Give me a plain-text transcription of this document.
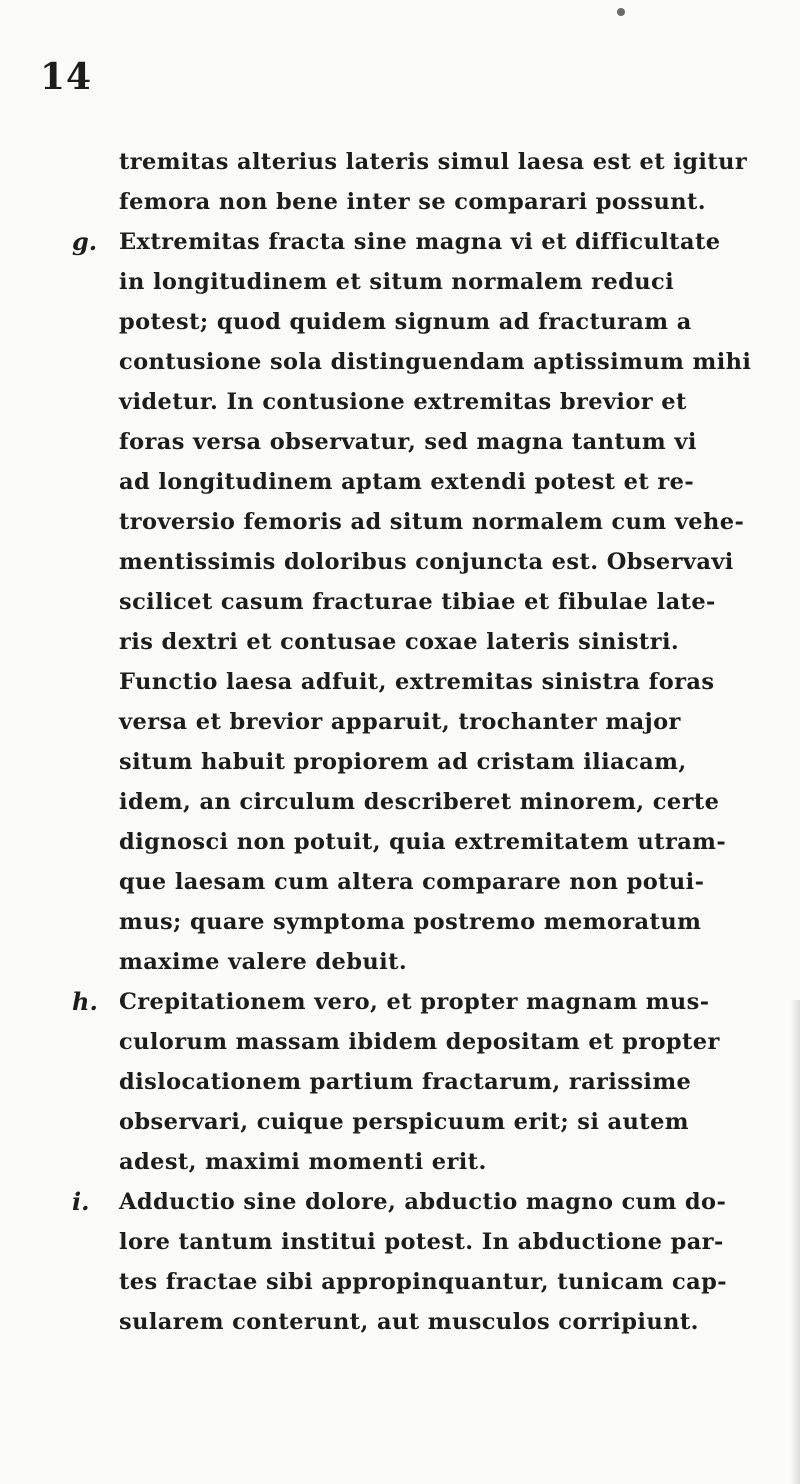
14
tremitas alterius lateris simul laesa est et igitur
femora non bene inter se comparari possunt.
g. Extremitas fracta sine magna vi et difficultate
in longitudinem et situm normalem reduci
potest; quod quidem signum ad fracturam a
contusione sola distinguendam aptissimum mihi
videtur. In contusione extremitas brevior et
foras versa observatur, sed magna tantum vi
ad longitudinem aptam extendi potest et re-
troversio femoris ad situm normalem cum vehe-
mentissimis doloribus conjuncta est. Observavi
scilicet casum fracturae tibiae et fibulae late-
ris dextri et contusae coxae lateris sinistri.
Functio laesa adfuit, extremitas sinistra foras
versa et brevior apparuit, trochanter major
situm habuit propiorem ad cristam iliacam,
idem, an circulum describeret minorem, certe
dignosci non potuit, quia extremitatem utram-
que laesam cum altera comparare non potui-
mus; quare symptoma postremo memoratum
maxime valere debuit.
h. Crepitationem vero, et propter magnam mus-
culorum massam ibidem depositam et propter
dislocationem partium fractarum, rarissime
observari, cuique perspicuum erit; si autem
adest, maximi momenti erit.
i. Adductio sine dolore, abductio magno cum do-
lore tantum institui potest. In abductione par-
tes fractae sibi appropinquantur, tunicam cap-
sularem conterunt, aut musculos corripiunt.
